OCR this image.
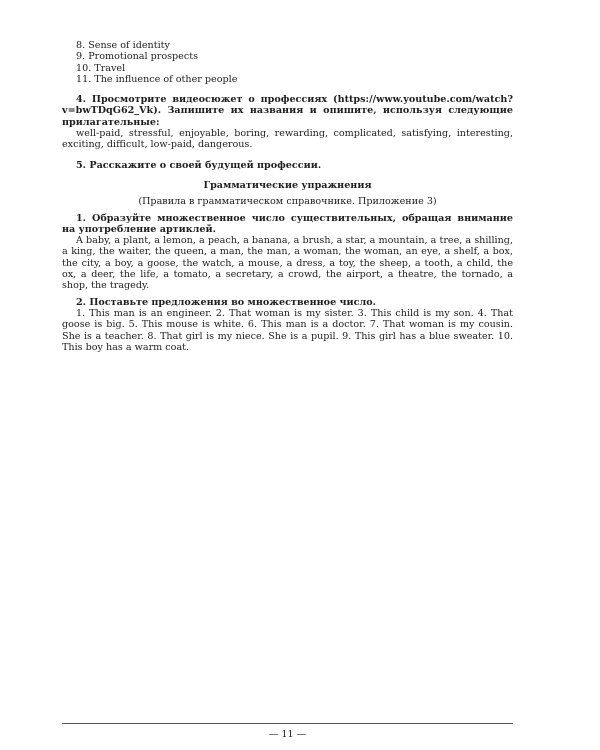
8. Sense of identity

9. Promotional prospects

10. Travel

11. The influence of other people

4. Просмотрите видеосюжет о профессиях (https://www.youtube.com/watch?v=bwTDqG62_Vk). Запишите их названия и опишите, используя следующие прилагательные:

well-paid, stressful, enjoyable, boring, rewarding, complicated, satisfying, interesting, exciting, difficult, low-paid, dangerous.

5. Расскажите о своей будущей профессии.

Грамматические упражнения

(Правила в грамматическом справочнике. Приложение 3)

1. Образуйте множественное число существительных, обращая внимание на употребление артиклей.

A baby, a plant, a lemon, a peach, a banana, a brush, a star, a mountain, a tree, a shilling, a king, the waiter, the queen, a man, the man, a woman, the woman, an eye, a shelf, a box, the city, a boy, a goose, the watch, a mouse, a dress, a toy, the sheep, a tooth, a child, the ox, a deer, the life, a tomato, a secretary, a crowd, the airport, a theatre, the tornado, a shop, the tragedy.

2. Поставьте предложения во множественное число.

1. This man is an engineer. 2. That woman is my sister. 3. This child is my son. 4. That goose is big. 5. This mouse is white. 6. This man is a doctor. 7. That woman is my cousin. She is a teacher. 8. That girl is my niece. She is a pupil. 9. This girl has a blue sweater. 10. This boy has a warm coat.

— 11 —
